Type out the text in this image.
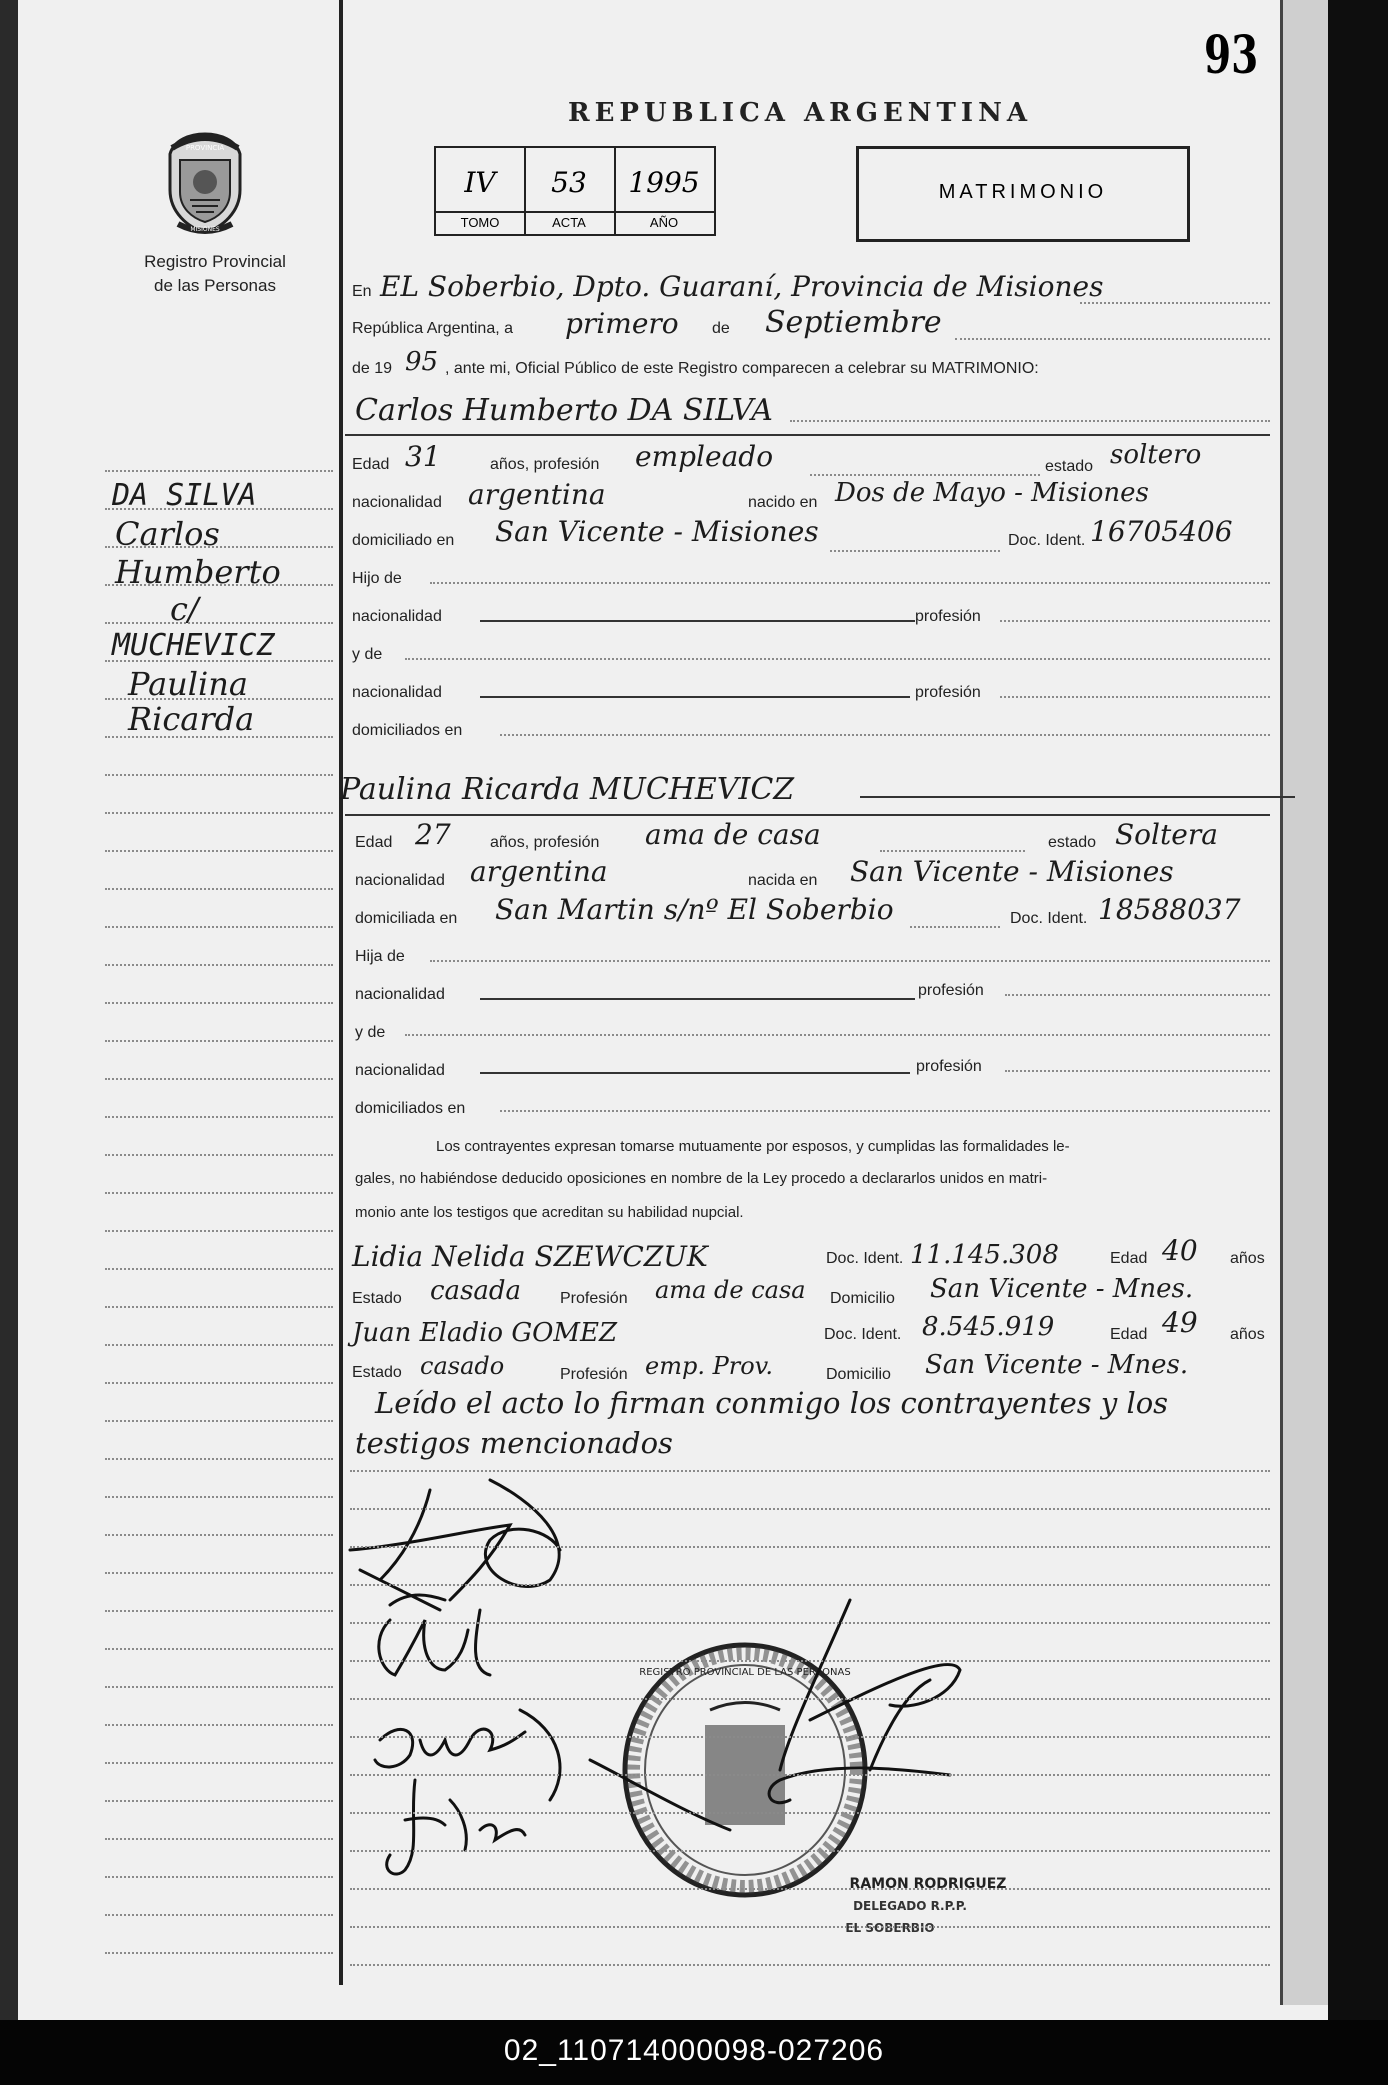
93
REPUBLICA ARGENTINA
IV
TOMO
53
ACTA
1995
AÑO
MATRIMONIO
PROVINCIA
MISIONES
Registro Provincial
de las Personas
DA SILVA
Carlos
Humberto
c/
MUCHEVICZ
Paulina
Ricarda
En EL Soberbio, Dpto. Guaraní, Provincia de Misiones
República Argentina, a primero de Septiembre
de 19 95 , ante mi, Oficial Público de este Registro comparecen a celebrar su MATRIMONIO:
Carlos Humberto DA SILVA
Edad 31	años, profesión empleado	estado soltero
nacionalidad argentina	nacido en Dos de Mayo - Misiones
domiciliado en San Vicente - Misiones	Doc. Ident. 16705406
Hijo de
nacionalidad	profesión
y de
nacionalidad	profesión
domiciliados en
Paulina Ricarda MUCHEVICZ
Edad 27 años, profesión ama de casa	estado Soltera
nacionalidad argentina	nacida en San Vicente - Misiones
domiciliada en San Martin s/nº El Soberbio	Doc. Ident. 18588037
Hija de
nacionalidad	profesión
y de
nacionalidad	profesión
domiciliados en
Los contrayentes expresan tomarse mutuamente por esposos, y cumplidas las formalidades le-
gales, no habiéndose deducido oposiciones en nombre de la Ley procedo a declararlos unidos en matri-
monio ante los testigos que acreditan su habilidad nupcial.
Lidia Nelida SZEWCZUK	Doc. Ident. 11.145.308	Edad 40 años
Estado casada Profesión ama de casa Domicilio San Vicente - Mnes.
Juan Eladio GOMEZ	Doc. Ident. 8.545.919	Edad 49 años
Estado casado	Profesión emp. Prov.	Domicilio San Vicente - Mnes.
Leído el acto lo firman conmigo los contrayentes y los
testigos mencionados
REGISTRO PROVINCIAL DE LAS PERSONAS
RAMON RODRIGUEZ
DELEGADO R.P.P.
EL SOBERBIO
02_110714000098-027206
